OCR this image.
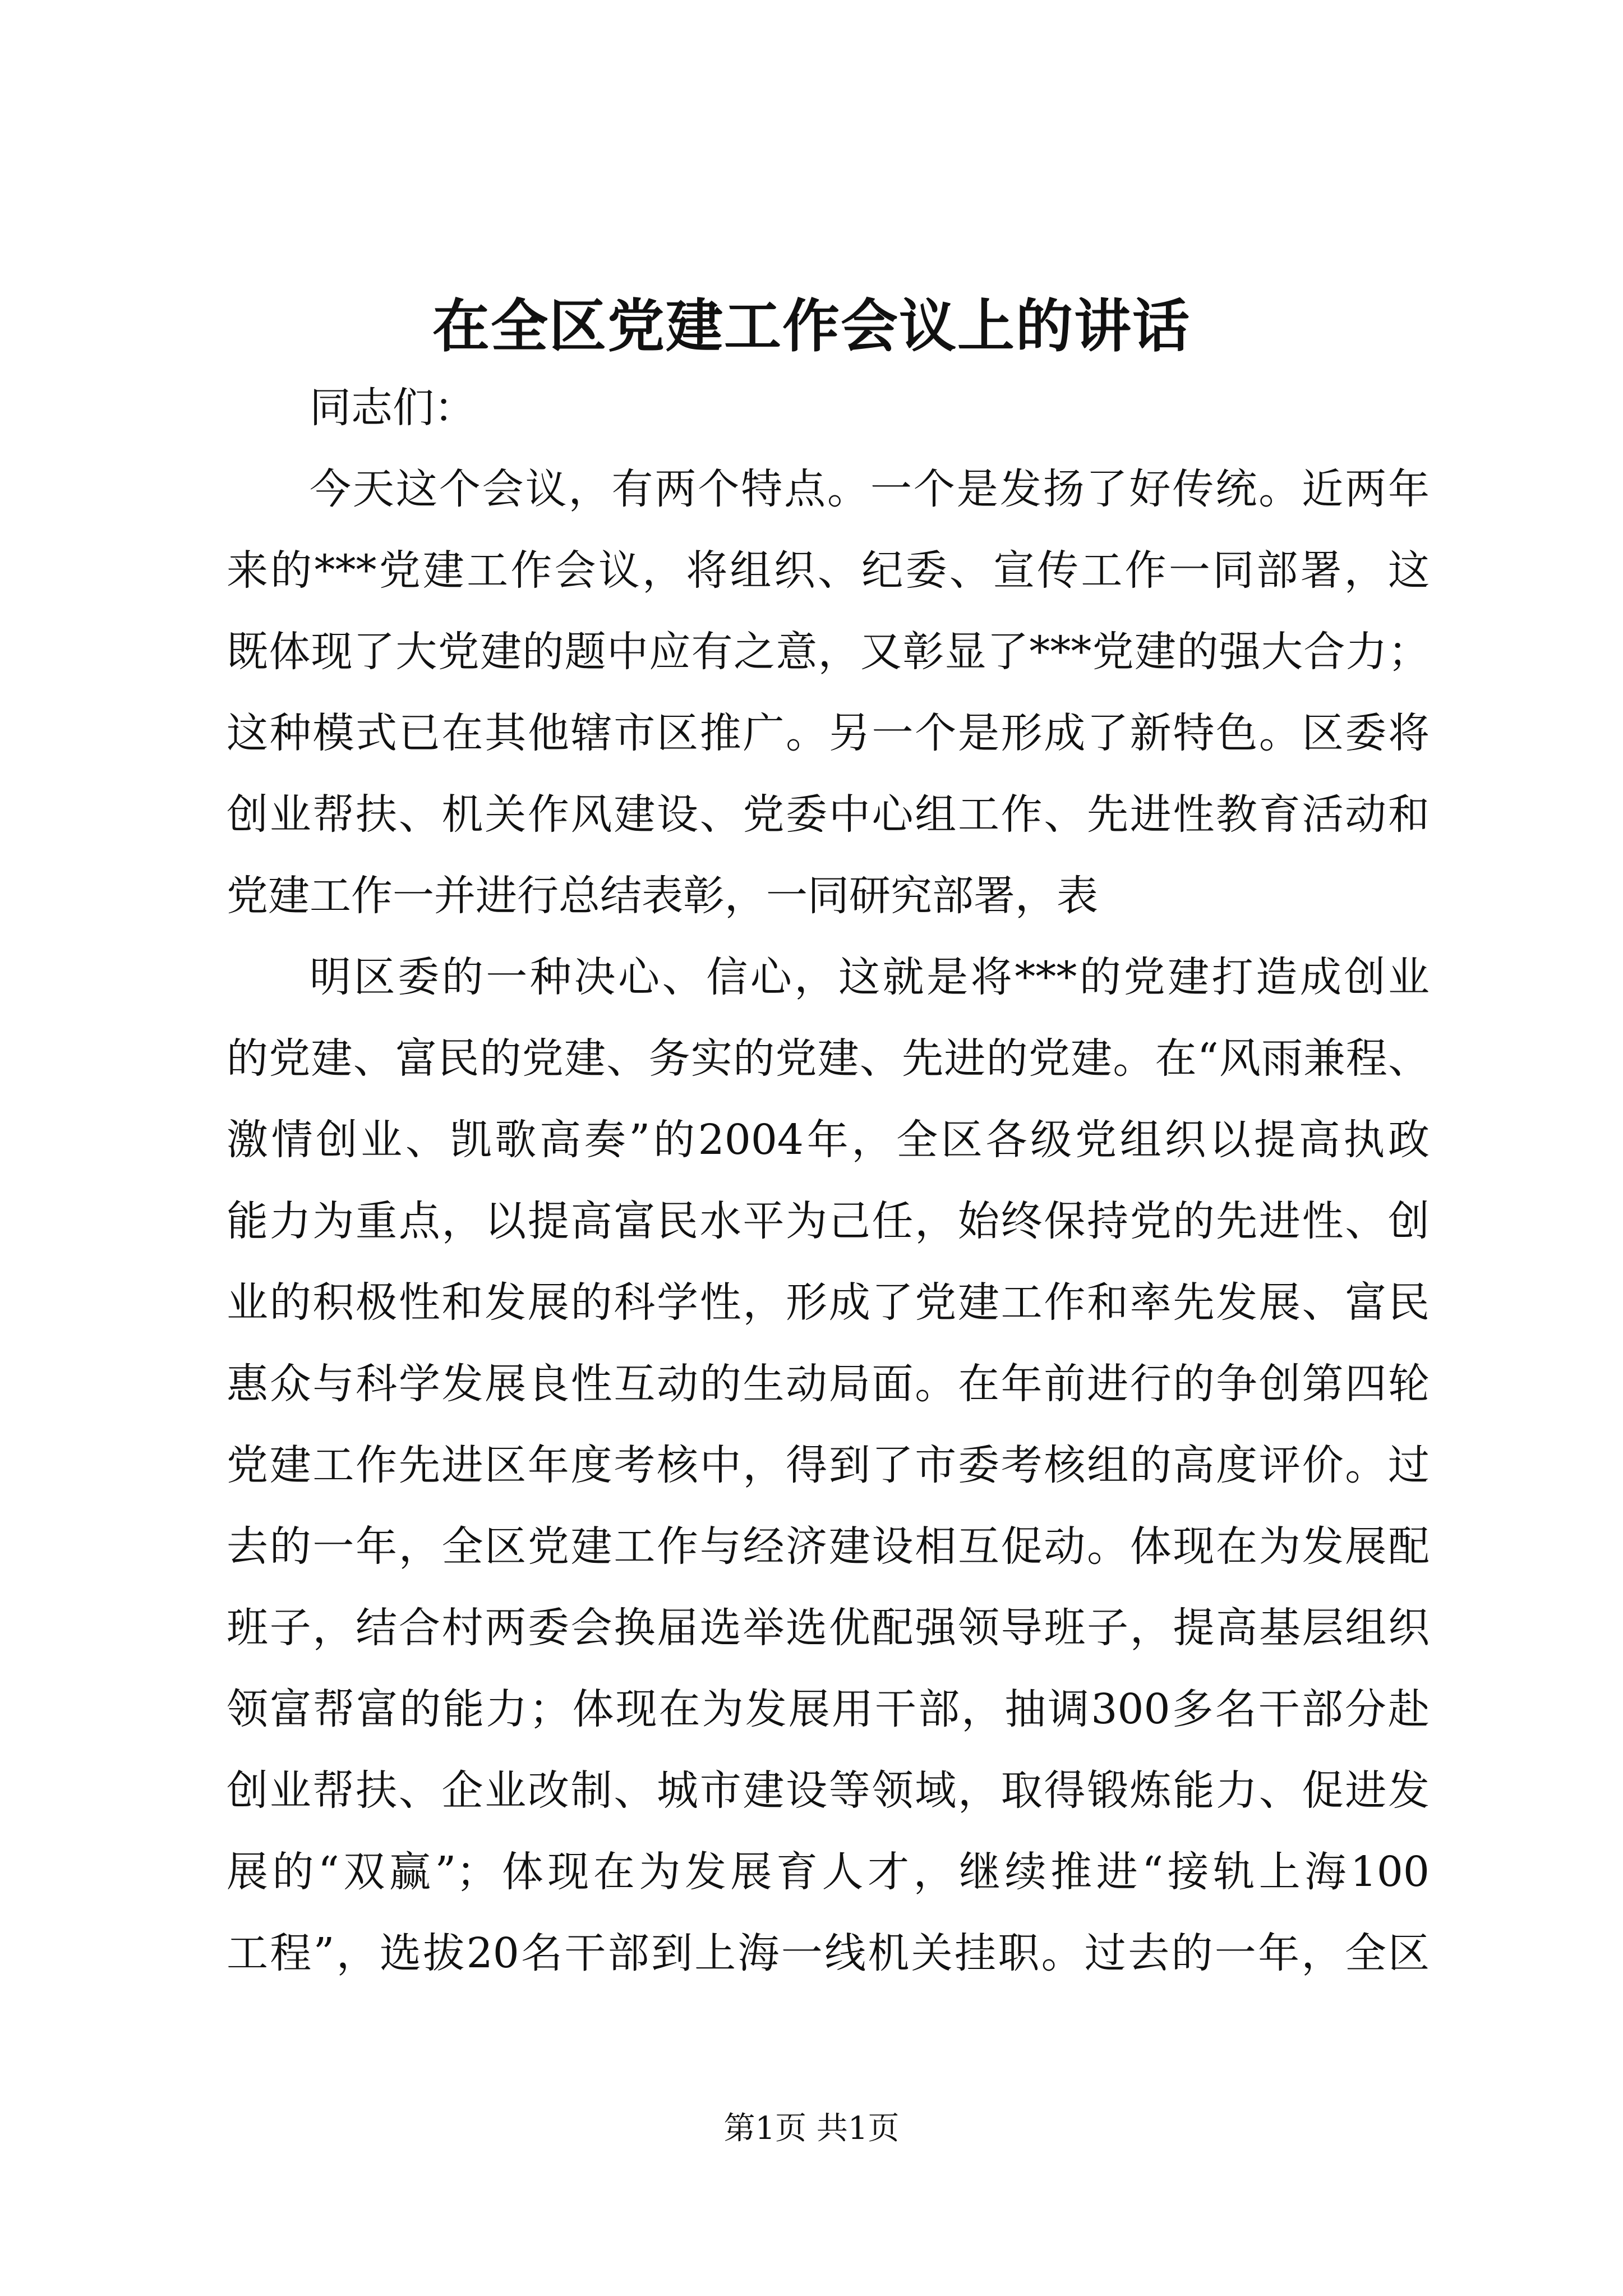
在全区党建工作会议上的讲话

同志们：

今天这个会议，有两个特点。一个是发扬了好传统。近两年
来的***党建工作会议，将组织、纪委、宣传工作一同部署，这
既体现了大党建的题中应有之意，又彰显了***党建的强大合力；
这种模式已在其他辖市区推广。另一个是形成了新特色。区委将
创业帮扶、机关作风建设、党委中心组工作、先进性教育活动和
党建工作一并进行总结表彰，一同研究部署，表

明区委的一种决心、信心，这就是将***的党建打造成创业
的党建、富民的党建、务实的党建、先进的党建。在“风雨兼程、
激情创业、凯歌高奏”的2004年，全区各级党组织以提高执政
能力为重点，以提高富民水平为己任，始终保持党的先进性、创
业的积极性和发展的科学性，形成了党建工作和率先发展、富民
惠众与科学发展良性互动的生动局面。在年前进行的争创第四轮
党建工作先进区年度考核中，得到了市委考核组的高度评价。过
去的一年，全区党建工作与经济建设相互促动。体现在为发展配
班子，结合村两委会换届选举选优配强领导班子，提高基层组织
领富帮富的能力；体现在为发展用干部，抽调300多名干部分赴
创业帮扶、企业改制、城市建设等领域，取得锻炼能力、促进发
展的“双赢”；体现在为发展育人才，继续推进“接轨上海100
工程”，选拔20名干部到上海一线机关挂职。过去的一年，全区

第1页 共1页
